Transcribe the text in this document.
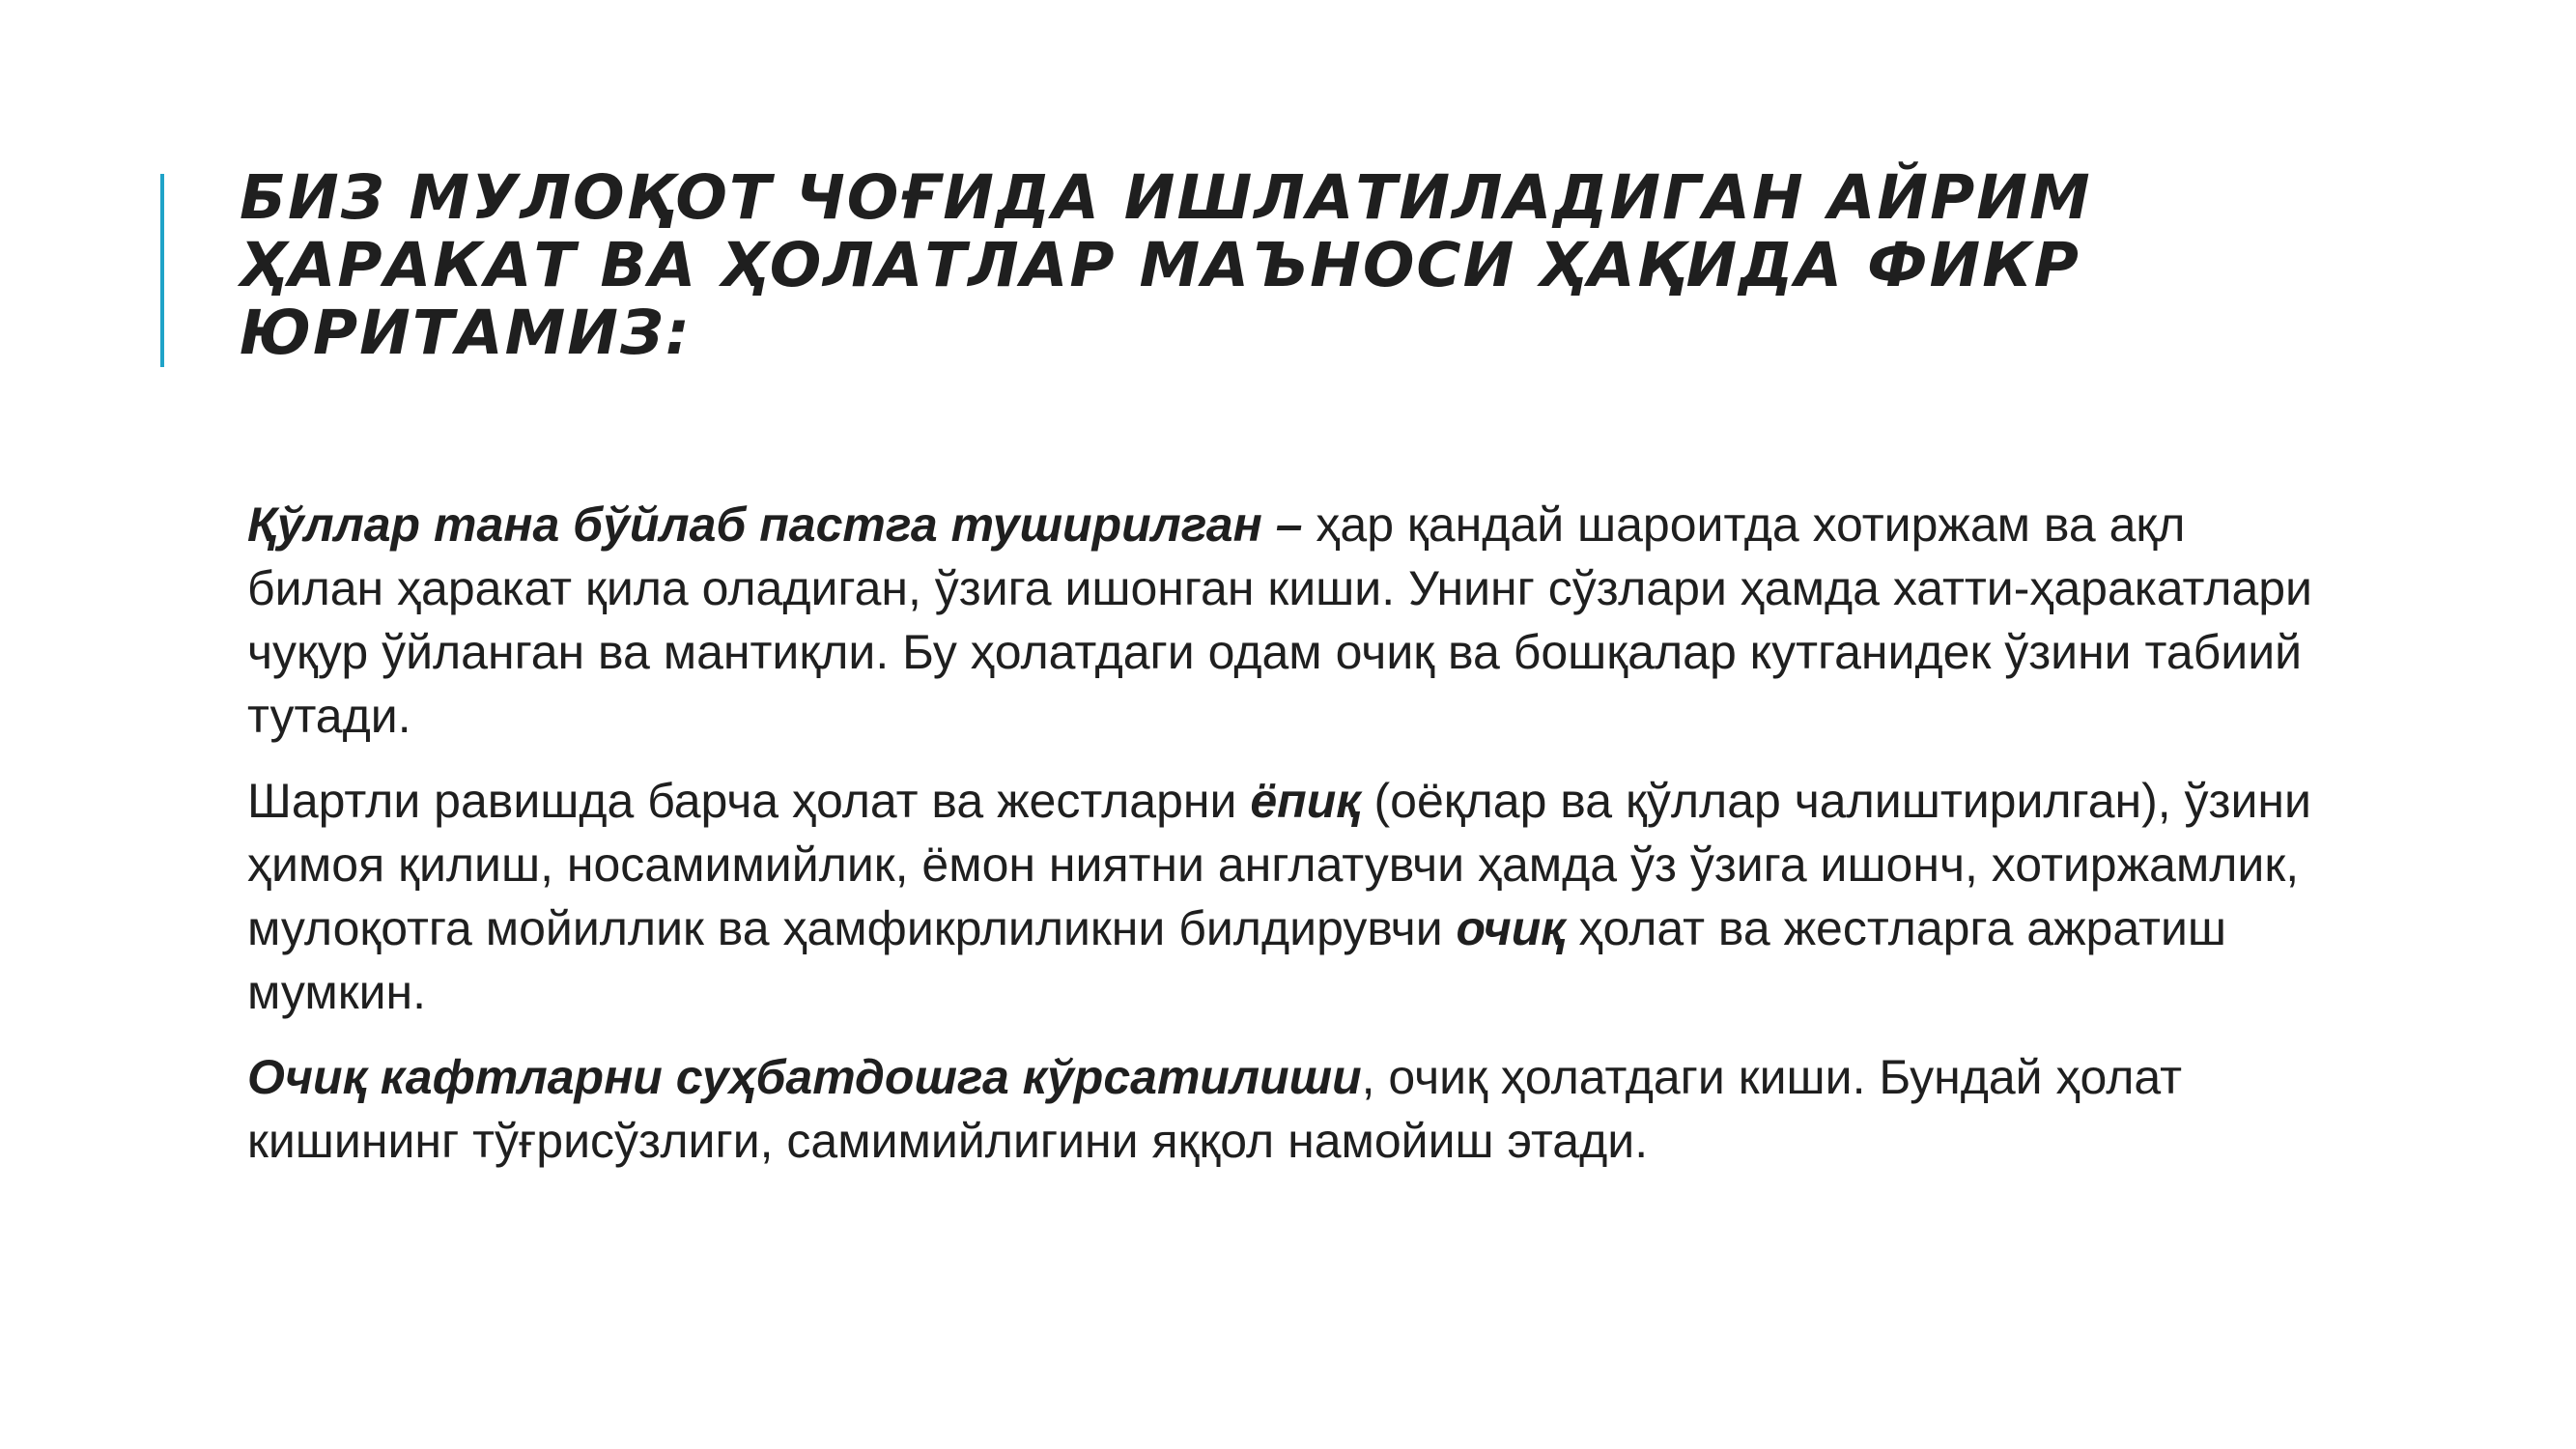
БИЗ МУЛОҚОТ ЧОҒИДА ИШЛАТИЛАДИГАН АЙРИМ ҲАРАКАТ ВА ҲОЛАТЛАР МАЪНОСИ ҲАҚИДА ФИКР ЮРИТАМИЗ:

Қўллар тана бўйлаб пастга туширилган – ҳар қандай шароитда хотиржам ва ақл билан ҳаракат қила оладиган, ўзига ишонган киши. Унинг сўзлари ҳамда хатти-ҳаракатлари чуқур ўйланган ва мантиқли. Бу ҳолатдаги одам очиқ ва бошқалар кутганидек ўзини табиий тутади.

Шартли равишда барча ҳолат ва жестларни ёпиқ (оёқлар ва қўллар чалиштирилган), ўзини ҳимоя қилиш, носамимийлик, ёмон ниятни англатувчи ҳамда ўз ўзига ишонч, хотиржамлик, мулоқотга мойиллик ва ҳамфикрлиликни билдирувчи очиқ ҳолат ва жестларга ажратиш мумкин.

Очиқ кафтларни суҳбатдошга кўрсатилиши, очиқ ҳолатдаги киши. Бундай ҳолат кишининг тўғрисўзлиги, самимийлигини яққол намойиш этади.
